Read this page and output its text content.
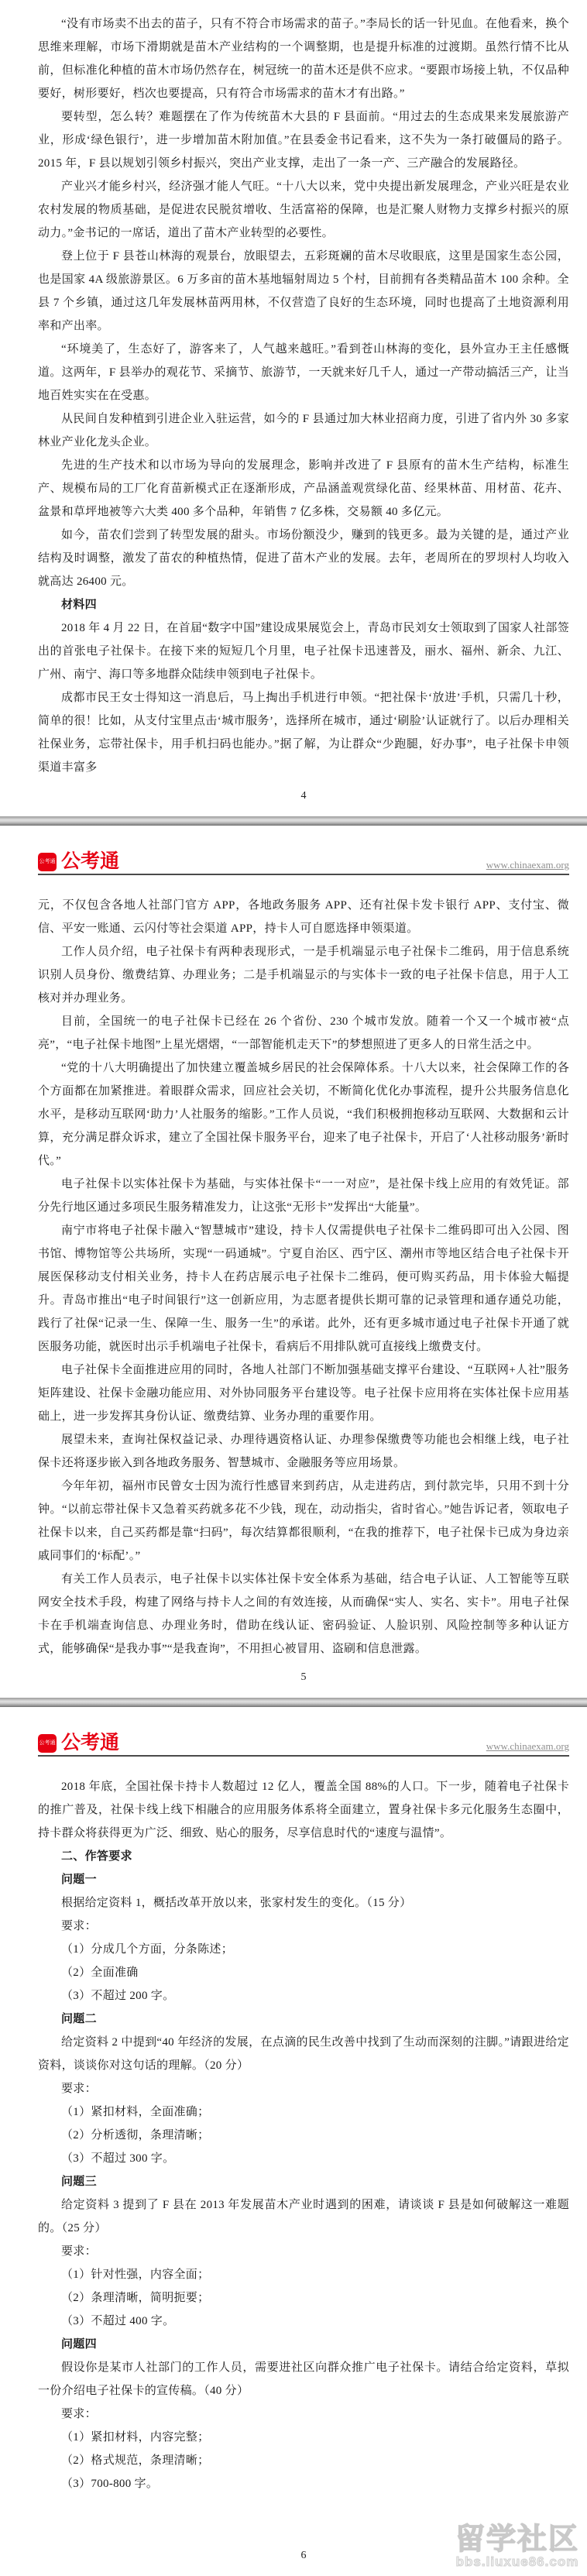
“没有市场卖不出去的苗子，只有不符合市场需求的苗子。”李局长的话一针见血。在他看来，换个思维来理解，市场下滑期就是苗木产业结构的一个调整期，也是提升标准的过渡期。虽然行情不比从前，但标准化种植的苗木市场仍然存在，树冠统一的苗木还是供不应求。“要跟市场接上轨，不仅品种要好，树形要好，档次也要提高，只有符合市场需求的苗木才有出路。”

要转型，怎么转？难题摆在了作为传统苗木大县的 F 县面前。“用过去的生态成果来发展旅游产业，形成‘绿色银行’，进一步增加苗木附加值。”在县委金书记看来，这不失为一条打破僵局的路子。2015 年，F 县以规划引领乡村振兴，突出产业支撑，走出了一条一产、三产融合的发展路径。

产业兴才能乡村兴，经济强才能人气旺。“十八大以来，党中央提出新发展理念，产业兴旺是农业农村发展的物质基础，是促进农民脱贫增收、生活富裕的保障，也是汇聚人财物力支撑乡村振兴的原动力。”金书记的一席话，道出了苗木产业转型的必要性。

登上位于 F 县苍山林海的观景台，放眼望去，五彩斑斓的苗木尽收眼底，这里是国家生态公园，也是国家 4A 级旅游景区。6 万多亩的苗木基地辐射周边 5 个村，目前拥有各类精品苗木 100 余种。全县 7 个乡镇，通过这几年发展林苗两用林，不仅营造了良好的生态环境，同时也提高了土地资源利用率和产出率。

“环境美了，生态好了，游客来了，人气越来越旺。”看到苍山林海的变化，县外宣办王主任感慨道。这两年，F 县举办的观花节、采摘节、旅游节，一天就来好几千人，通过一产带动搞活三产，让当地百姓实实在在受惠。

从民间自发种植到引进企业入驻运营，如今的 F 县通过加大林业招商力度，引进了省内外 30 多家林业产业化龙头企业。

先进的生产技术和以市场为导向的发展理念，影响并改进了 F 县原有的苗木生产结构，标准生产、规模布局的工厂化育苗新模式正在逐渐形成，产品涵盖观赏绿化苗、经果林苗、用材苗、花卉、盆景和草坪地被等六大类 400 多个品种，年销售 7 亿多株，交易额 40 多亿元。

如今，苗农们尝到了转型发展的甜头。市场份额没少，赚到的钱更多。最为关键的是，通过产业结构及时调整，激发了苗农的种植热情，促进了苗木产业的发展。去年，老周所在的罗坝村人均收入就高达 26400 元。

材料四

2018 年 4 月 22 日，在首届“数字中国”建设成果展览会上，青岛市民刘女士领取到了国家人社部签出的首张电子社保卡。在接下来的短短几个月里，电子社保卡迅速普及，丽水、福州、新余、九江、广州、南宁、海口等多地群众陆续申领到电子社保卡。

成都市民王女士得知这一消息后，马上掏出手机进行申领。“把社保卡‘放进’手机，只需几十秒，简单的很！比如，从支付宝里点击‘城市服务’，选择所在城市，通过‘刷脸’认证就行了。以后办理相关社保业务，忘带社保卡，用手机扫码也能办。”据了解，为让群众“少跑腿，好办事”，电子社保卡申领渠道丰富多

4
公考通 公考通	www.chinaexam.org

元，不仅包含各地人社部门官方 APP，各地政务服务 APP、还有社保卡发卡银行 APP、支付宝、微信、平安一账通、云闪付等社会渠道 APP，持卡人可自愿选择申领渠道。

工作人员介绍，电子社保卡有两种表现形式，一是手机端显示电子社保卡二维码，用于信息系统识别人员身份、缴费结算、办理业务；二是手机端显示的与实体卡一致的电子社保卡信息，用于人工核对并办理业务。

目前，全国统一的电子社保卡已经在 26 个省份、230 个城市发放。随着一个又一个城市被“点亮”，“电子社保卡地图”上星光熠熠，“一部智能机走天下”的梦想照进了更多人的日常生活之中。

“党的十八大明确提出了加快建立覆盖城乡居民的社会保障体系。十八大以来，社会保障工作的各个方面都在加紧推进。着眼群众需求，回应社会关切，不断简化优化办事流程，提升公共服务信息化水平，是移动互联网‘助力’人社服务的缩影。”工作人员说，“我们积极拥抱移动互联网、大数据和云计算，充分满足群众诉求，建立了全国社保卡服务平台，迎来了电子社保卡，开启了‘人社移动服务’新时代。”

电子社保卡以实体社保卡为基础，与实体社保卡“一一对应”，是社保卡线上应用的有效凭证。部分先行地区通过多项民生服务精准发力，让这张“无形卡”发挥出“大能量”。

南宁市将电子社保卡融入“智慧城市”建设，持卡人仅需提供电子社保卡二维码即可出入公园、图书馆、博物馆等公共场所，实现“一码通城”。宁夏自治区、西宁区、潮州市等地区结合电子社保卡开展医保移动支付相关业务，持卡人在药店展示电子社保卡二维码，便可购买药品，用卡体验大幅提升。青岛市推出“电子时间银行”这一创新应用，为志愿者提供长期可靠的记录管理和通存通兑功能，践行了社保“记录一生、保障一生、服务一生”的承诺。此外，还有更多城市通过电子社保卡开通了就医服务功能，就医时出示手机端电子社保卡，看病后不用排队就可直接线上缴费支付。

电子社保卡全面推进应用的同时，各地人社部门不断加强基础支撑平台建设、“互联网+人社”服务矩阵建设、社保卡金融功能应用、对外协同服务平台建设等。电子社保卡应用将在实体社保卡应用基础上，进一步发挥其身份认证、缴费结算、业务办理的重要作用。

展望未来，查询社保权益记录、办理待遇资格认证、办理参保缴费等功能也会相继上线，电子社保卡还将逐步嵌入到各地政务服务、智慧城市、金融服务等应用场景。

今年年初，福州市民曾女士因为流行性感冒来到药店，从走进药店，到付款完毕，只用不到十分钟。“以前忘带社保卡又急着买药就多花不少钱，现在，动动指尖，省时省心。”她告诉记者，领取电子社保卡以来，自己买药都是靠“扫码”，每次结算都很顺利，“在我的推荐下，电子社保卡已成为身边亲戚同事们的‘标配’。”

有关工作人员表示，电子社保卡以实体社保卡安全体系为基础，结合电子认证、人工智能等互联网安全技术手段，构建了网络与持卡人之间的有效连接，从而确保“实人、实名、实卡”。用电子社保卡在手机端查询信息、办理业务时，借助在线认证、密码验证、人脸识别、风险控制等多种认证方式，能够确保“是我办事”“是我查询”，不用担心被冒用、盗刷和信息泄露。

5
公考通 公考通	www.chinaexam.org

2018 年底，全国社保卡持卡人数超过 12 亿人，覆盖全国 88%的人口。下一步，随着电子社保卡的推广普及，社保卡线上线下相融合的应用服务体系将全面建立，置身社保卡多元化服务生态圈中，持卡群众将获得更为广泛、细致、贴心的服务，尽享信息时代的“速度与温情”。

二、作答要求

问题一

根据给定资料 1，概括改革开放以来，张家村发生的变化。（15 分）

要求：

（1）分成几个方面，分条陈述；

（2）全面准确

（3）不超过 200 字。

问题二

给定资料 2 中提到“40 年经济的发展，在点滴的民生改善中找到了生动而深刻的注脚。”请跟进给定资料，谈谈你对这句话的理解。（20 分）

要求：

（1）紧扣材料，全面准确；

（2）分析透彻，条理清晰；

（3）不超过 300 字。

问题三

给定资料 3 提到了 F 县在 2013 年发展苗木产业时遇到的困难，请谈谈 F 县是如何破解这一难题的。（25 分）

要求：

（1）针对性强，内容全面；

（2）条理清晰，简明扼要；

（3）不超过 400 字。

问题四

假设你是某市人社部门的工作人员，需要进社区向群众推广电子社保卡。请结合给定资料，草拟一份介绍电子社保卡的宣传稿。（40 分）

要求：

（1）紧扣材料，内容完整；

（2）格式规范，条理清晰；

（3）700-800 字。

6	留学社区
bbs.liuxue86.com
